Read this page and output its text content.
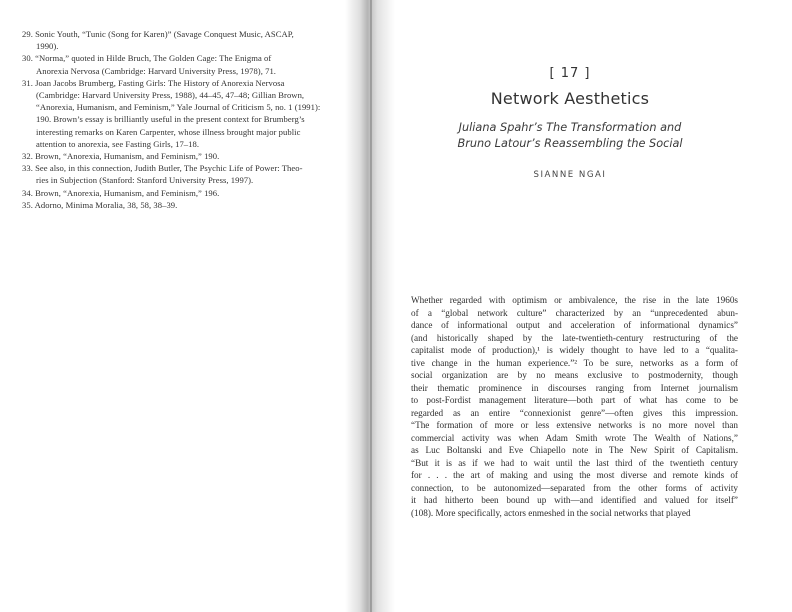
29. Sonic Youth, “Tunic (Song for Karen)” (Savage Conquest Music, ASCAP,
1990).

30. “Norma,” quoted in Hilde Bruch, The Golden Cage: The Enigma of
Anorexia Nervosa (Cambridge: Harvard University Press, 1978), 71.

31. Joan Jacobs Brumberg, Fasting Girls: The History of Anorexia Nervosa
(Cambridge: Harvard University Press, 1988), 44–45, 47–48; Gillian Brown,
“Anorexia, Humanism, and Feminism,” Yale Journal of Criticism 5, no. 1 (1991):
190. Brown’s essay is brilliantly useful in the present context for Brumberg’s
interesting remarks on Karen Carpenter, whose illness brought major public
attention to anorexia, see Fasting Girls, 17–18.

32. Brown, “Anorexia, Humanism, and Feminism,” 190.

33. See also, in this connection, Judith Butler, The Psychic Life of Power: Theo-
ries in Subjection (Stanford: Stanford University Press, 1997).

34. Brown, “Anorexia, Humanism, and Feminism,” 196.

35. Adorno, Minima Moralia, 38, 58, 38–39.

[ 17 ]
Network Aesthetics
Juliana Spahr’s The Transformation and
Bruno Latour’s Reassembling the Social
SIANNE NGAI

Whether regarded with optimism or ambivalence, the rise in the late 1960s
of a “global network culture” characterized by an “unprecedented abun-
dance of informational output and acceleration of informational dynamics”
(and historically shaped by the late-twentieth-century restructuring of the
capitalist mode of production),¹ is widely thought to have led to a “qualita-
tive change in the human experience.”² To be sure, networks as a form of
social organization are by no means exclusive to postmodernity, though
their thematic prominence in discourses ranging from Internet journalism
to post-Fordist management literature—both part of what has come to be
regarded as an entire “connexionist genre”—often gives this impression.
“The formation of more or less extensive networks is no more novel than
commercial activity was when Adam Smith wrote The Wealth of Nations,”
as Luc Boltanski and Eve Chiapello note in The New Spirit of Capitalism.
“But it is as if we had to wait until the last third of the twentieth century
for . . . the art of making and using the most diverse and remote kinds of
connection, to be autonomized—separated from the other forms of activity
it had hitherto been bound up with—and identified and valued for itself”
(108). More specifically, actors enmeshed in the social networks that played
